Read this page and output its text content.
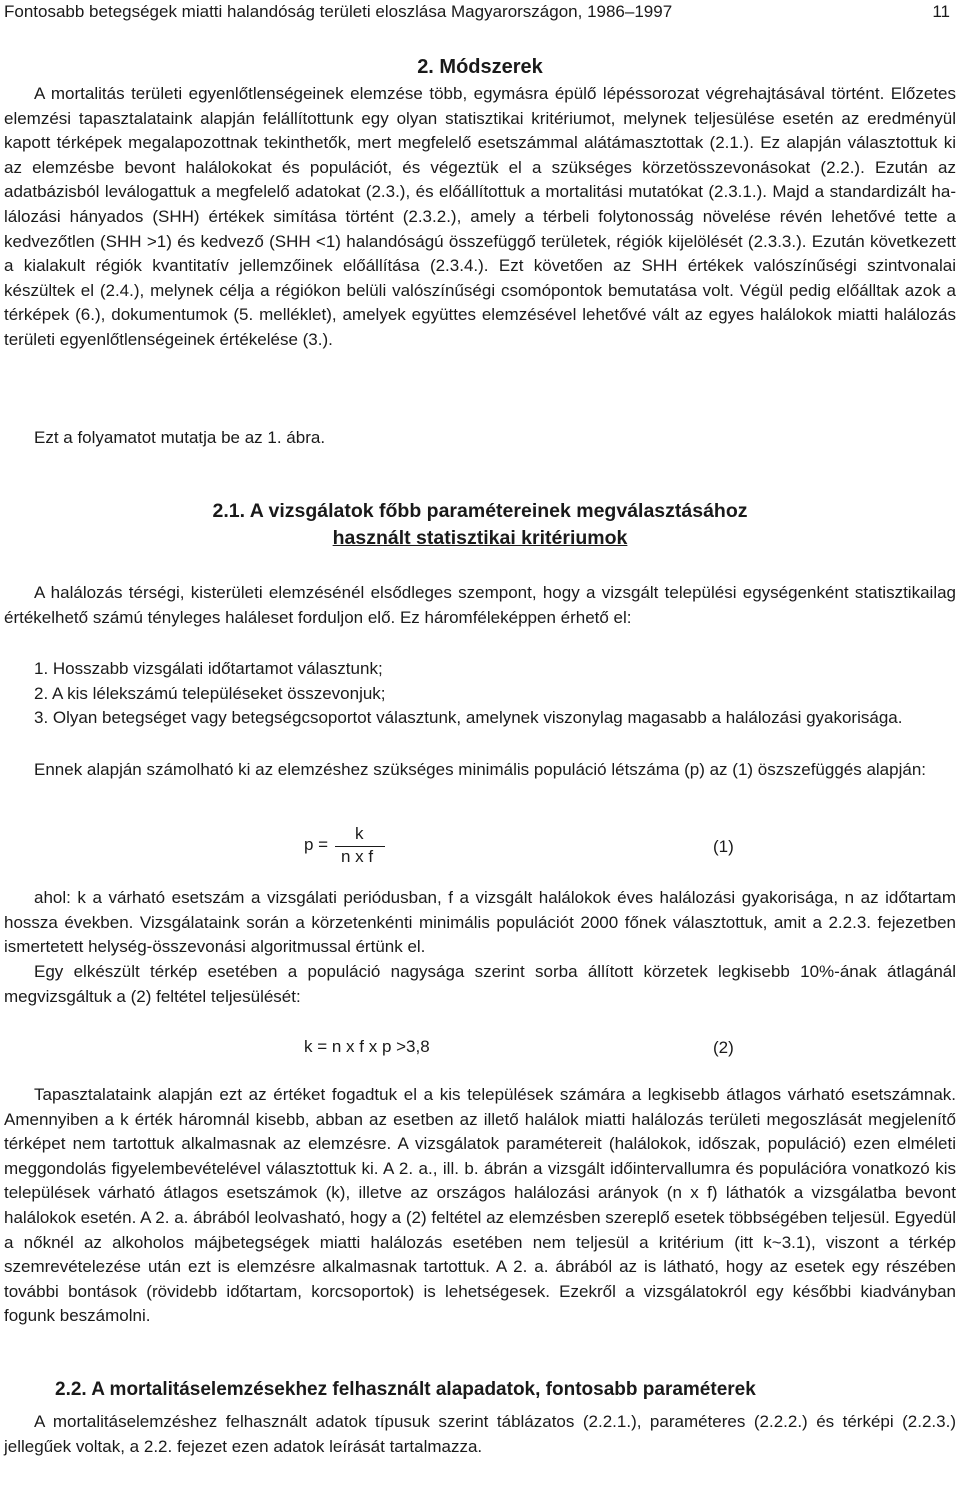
Fontosabb betegségek miatti halandóság területi eloszlása Magyarországon, 1986–1997	11
2. Módszerek

A mortalitás területi egyenlőtlenségeinek elemzése több, egymásra épülő lépéssorozat végrehajtásával történt. Előzetes elemzési tapasztalataink alapján felállítottunk egy olyan statisztikai kritériumot, melynek teljesülése esetén az eredményül kapott térképek megalapozottnak tekinthetők, mert megfelelő esetszámmal alátámasztottak (2.1.). Ez alapján választottuk ki az elemzésbe bevont halálokokat és populációt, és végeztük el a szükséges körzetösszevonásokat (2.2.). Ezután az adatbázisból leválogattuk a megfelelő adatokat (2.3.), és előállítottuk a mortalitási mutatókat (2.3.1.). Majd a standardizált halálozási hányados (SHH) értékek simítása történt (2.3.2.), amely a térbeli folytonosság növelése révén lehetővé tette a kedvezőtlen (SHH >1) és kedvező (SHH <1) halandóságú összefüggő területek, régiók kijelölését (2.3.3.). Ezután következett a kialakult régiók kvantitatív jellemzőinek előállítása (2.3.4.). Ezt követően az SHH értékek valószínűségi szintvonalai készültek el (2.4.), melynek célja a régiókon belüli valószínűségi csomópontok bemutatása volt. Végül pedig előálltak azok a térképek (6.), dokumentumok (5. melléklet), amelyek együttes elemzésével lehetővé vált az egyes halálokok miatti halálozás területi egyenlőtlenségeinek értékelése (3.).

Ezt a folyamatot mutatja be az 1. ábra.

2.1. A vizsgálatok főbb paramétereinek megválasztásához
használt statisztikai kritériumok

A halálozás térségi, kisterületi elemzésénél elsődleges szempont, hogy a vizsgált települési egységenként statisztikailag értékelhető számú tényleges haláleset forduljon elő. Ez háromféleképpen érhető el:

1. Hosszabb vizsgálati időtartamot választunk;
2. A kis lélekszámú településeket összevonjuk;

3. Olyan betegséget vagy betegségcsoportot választunk, amelynek viszonylag magasabb a halálozási gyakorisága.

Ennek alapján számolható ki az elemzéshez szükséges minimális populáció létszáma (p) az (1) öszszefüggés alapján:

p =
k
n x f
(1)

ahol: k a várható esetszám a vizsgálati periódusban, f a vizsgált halálokok éves halálozási gyakorisága, n az időtartam hossza években. Vizsgálataink során a körzetenkénti minimális populációt 2000 főnek választottuk, amit a 2.2.3. fejezetben ismertetett helység-összevonási algoritmussal értünk el.

Egy elkészült térkép esetében a populáció nagysága szerint sorba állított körzetek legkisebb 10%-ának átlagánál megvizsgáltuk a (2) feltétel teljesülését:

k = n x f x p >3,8	(2)

Tapasztalataink alapján ezt az értéket fogadtuk el a kis települések számára a legkisebb átlagos várható esetszámnak. Amennyiben a k érték háromnál kisebb, abban az esetben az illető halálok miatti halálozás területi megoszlását megjelenítő térképet nem tartottuk alkalmasnak az elemzésre. A vizsgálatok paramétereit (halálokok, időszak, populáció) ezen elméleti meggondolás figyelembevételével választottuk ki. A 2. a., ill. b. ábrán a vizsgált időintervallumra és populációra vonatkozó kis települések várható átlagos esetszámok (k), illetve az országos halálozási arányok (n x f) láthatók a vizsgálatba bevont halálokok esetén. A 2. a. ábrából leolvasható, hogy a (2) feltétel az elemzésben szereplő esetek többségében teljesül. Egyedül a nőknél az alkoholos májbetegségek miatti halálozás esetében nem teljesül a kritérium (itt k~3.1), viszont a térkép szemrevételezése után ezt is elemzésre alkalmasnak tartottuk. A 2. a. ábrából az is látható, hogy az esetek egy részében további bontások (rövidebb időtartam, korcsoportok) is lehetségesek. Ezekről a vizsgálatokról egy későbbi kiadványban fogunk beszámolni.

2.2. A mortalitáselemzésekhez felhasznált alapadatok, fontosabb paraméterek

A mortalitáselemzéshez felhasznált adatok típusuk szerint táblázatos (2.2.1.), paraméteres (2.2.2.) és térképi (2.2.3.) jellegűek voltak, a 2.2. fejezet ezen adatok leírását tartalmazza.
